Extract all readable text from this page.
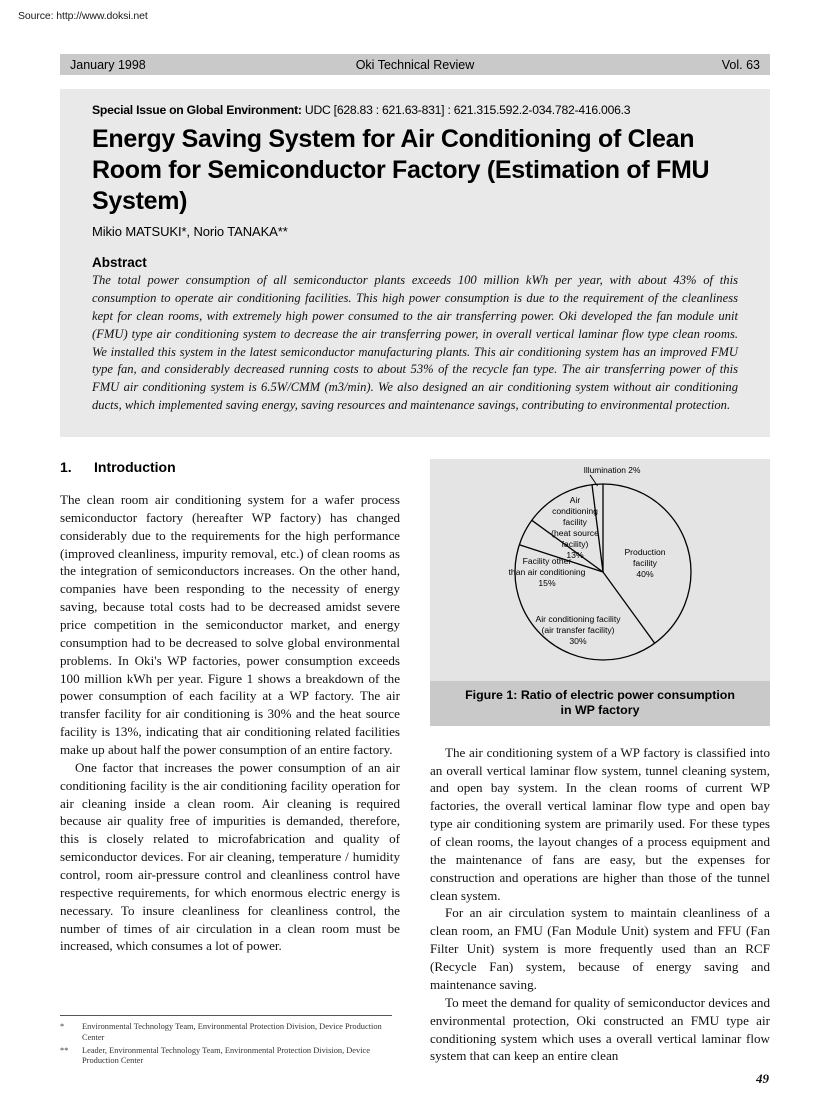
Source: http://www.doksi.net
January 1998	Oki Technical Review	Vol. 63
Special Issue on Global Environment: UDC [628.83 : 621.63-831] : 621.315.592.2-034.782-416.006.3
Energy Saving System for Air Conditioning of Clean Room for Semiconductor Factory (Estimation of FMU System)
Mikio MATSUKI*, Norio TANAKA**
Abstract

The total power consumption of all semiconductor plants exceeds 100 million kWh per year, with about 43% of this consumption to operate air conditioning facilities. This high power consumption is due to the requirement of the cleanliness kept for clean rooms, with extremely high power consumed to the air transferring power. Oki developed the fan module unit (FMU) type air conditioning system to decrease the air transferring power, in overall vertical laminar flow type clean rooms. We installed this system in the latest semiconductor manufacturing plants. This air conditioning system has an improved FMU type fan, and considerably decreased running costs to about 53% of the recycle fan type. The air transferring power of this FMU air conditioning system is 6.5W/CMM (m3/min). We also designed an air conditioning system without air conditioning ducts, which implemented saving energy, saving resources and maintenance savings, contributing to environmental protection.

1.	Introduction

The clean room air conditioning system for a wafer process semiconductor factory (hereafter WP factory) has changed considerably due to the requirements for the high performance (improved cleanliness, impurity removal, etc.) of clean rooms as the integration of semiconductors increases. On the other hand, companies have been responding to the necessity of energy saving, because total costs had to be decreased amidst severe price competition in the semiconductor market, and energy consumption had to be decreased to solve global environmental problems. In Oki's WP factories, power consumption exceeds 100 million kWh per year. Figure 1 shows a breakdown of the power consumption of each facility at a WP factory. The air transfer facility for air conditioning is 30% and the heat source facility is 13%, indicating that air conditioning related facilities make up about half the power consumption of an entire factory.

One factor that increases the power consumption of an air conditioning facility is the air conditioning facility operation for air cleaning inside a clean room. Air cleaning is required because air quality free of impurities is demanded, therefore, this is closely related to microfabrication and quality of semiconductor devices. For air cleaning, temperature / humidity control, room air-pressure control and cleanliness control have respective requirements, for which enormous electric energy is necessary. To insure cleanliness for cleanliness control, the number of times of air circulation in a clean room must be increased, which consumes a lot of power.

*	Environmental Technology Team, Environmental Protection Division, Device Production Center
**	Leader, Environmental Technology Team, Environmental Protection Division, Device Production Center
Illumination 2%
Production
facility
40%
Air conditioning facility
(air transfer facility)
30%
Facility other
than air conditioning
15%
Air
conditioning
facility
(heat source
facility)
13%
Figure 1: Ratio of electric power consumption
in WP factory

The air conditioning system of a WP factory is classified into an overall vertical laminar flow system, tunnel cleaning system, and open bay system. In the clean rooms of current WP factories, the overall vertical laminar flow type and open bay type air conditioning system are primarily used. For these types of clean rooms, the layout changes of a process equipment and the maintenance of fans are easy, but the expenses for construction and operations are higher than those of the tunnel clean system.

For an air circulation system to maintain cleanliness of a clean room, an FMU (Fan Module Unit) system and FFU (Fan Filter Unit) system is more frequently used than an RCF (Recycle Fan) system, because of energy saving and maintenance saving.

To meet the demand for quality of semiconductor devices and environmental protection, Oki constructed an FMU type air conditioning system which uses a overall vertical laminar flow system that can keep an entire clean

49
